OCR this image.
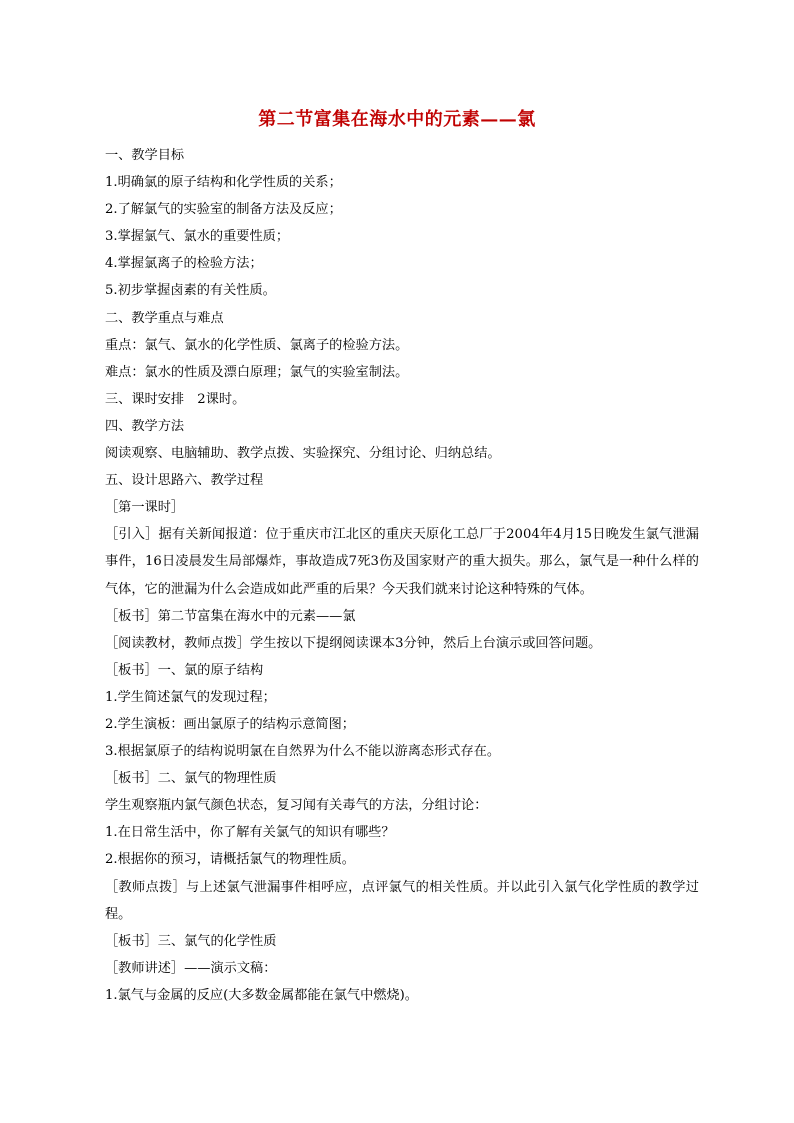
第二节富集在海水中的元素——氯

一、教学目标

1.明确氯的原子结构和化学性质的关系；

2.了解氯气的实验室的制备方法及反应；

3.掌握氯气、氯水的重要性质；

4.掌握氯离子的检验方法；

5.初步掌握卤素的有关性质。

二、教学重点与难点

重点：氯气、氯水的化学性质、氯离子的检验方法。

难点：氯水的性质及漂白原理；氯气的实验室制法。

三、课时安排　2课时。

四、教学方法

阅读观察、电脑辅助、教学点拨、实验探究、分组讨论、归纳总结。

五、设计思路六、教学过程

［第一课时］

［引入］据有关新闻报道：位于重庆市江北区的重庆天原化工总厂于2004年4月15日晚发生氯气泄漏事件，16日凌晨发生局部爆炸，事故造成7死3伤及国家财产的重大损失。那么，氯气是一种什么样的气体，它的泄漏为什么会造成如此严重的后果？今天我们就来讨论这种特殊的气体。

［板书］第二节富集在海水中的元素——氯

［阅读教材，教师点拨］学生按以下提纲阅读课本3分钟，然后上台演示或回答问题。

［板书］一、氯的原子结构

1.学生简述氯气的发现过程；

2.学生演板：画出氯原子的结构示意简图；

3.根据氯原子的结构说明氯在自然界为什么不能以游离态形式存在。

［板书］二、氯气的物理性质

学生观察瓶内氯气颜色状态，复习闻有关毒气的方法，分组讨论：

1.在日常生活中，你了解有关氯气的知识有哪些？

2.根据你的预习，请概括氯气的物理性质。

［教师点拨］与上述氯气泄漏事件相呼应，点评氯气的相关性质。并以此引入氯气化学性质的教学过程。

［板书］三、氯气的化学性质

［教师讲述］——演示文稿：

1.氯气与金属的反应(大多数金属都能在氯气中燃烧)。
